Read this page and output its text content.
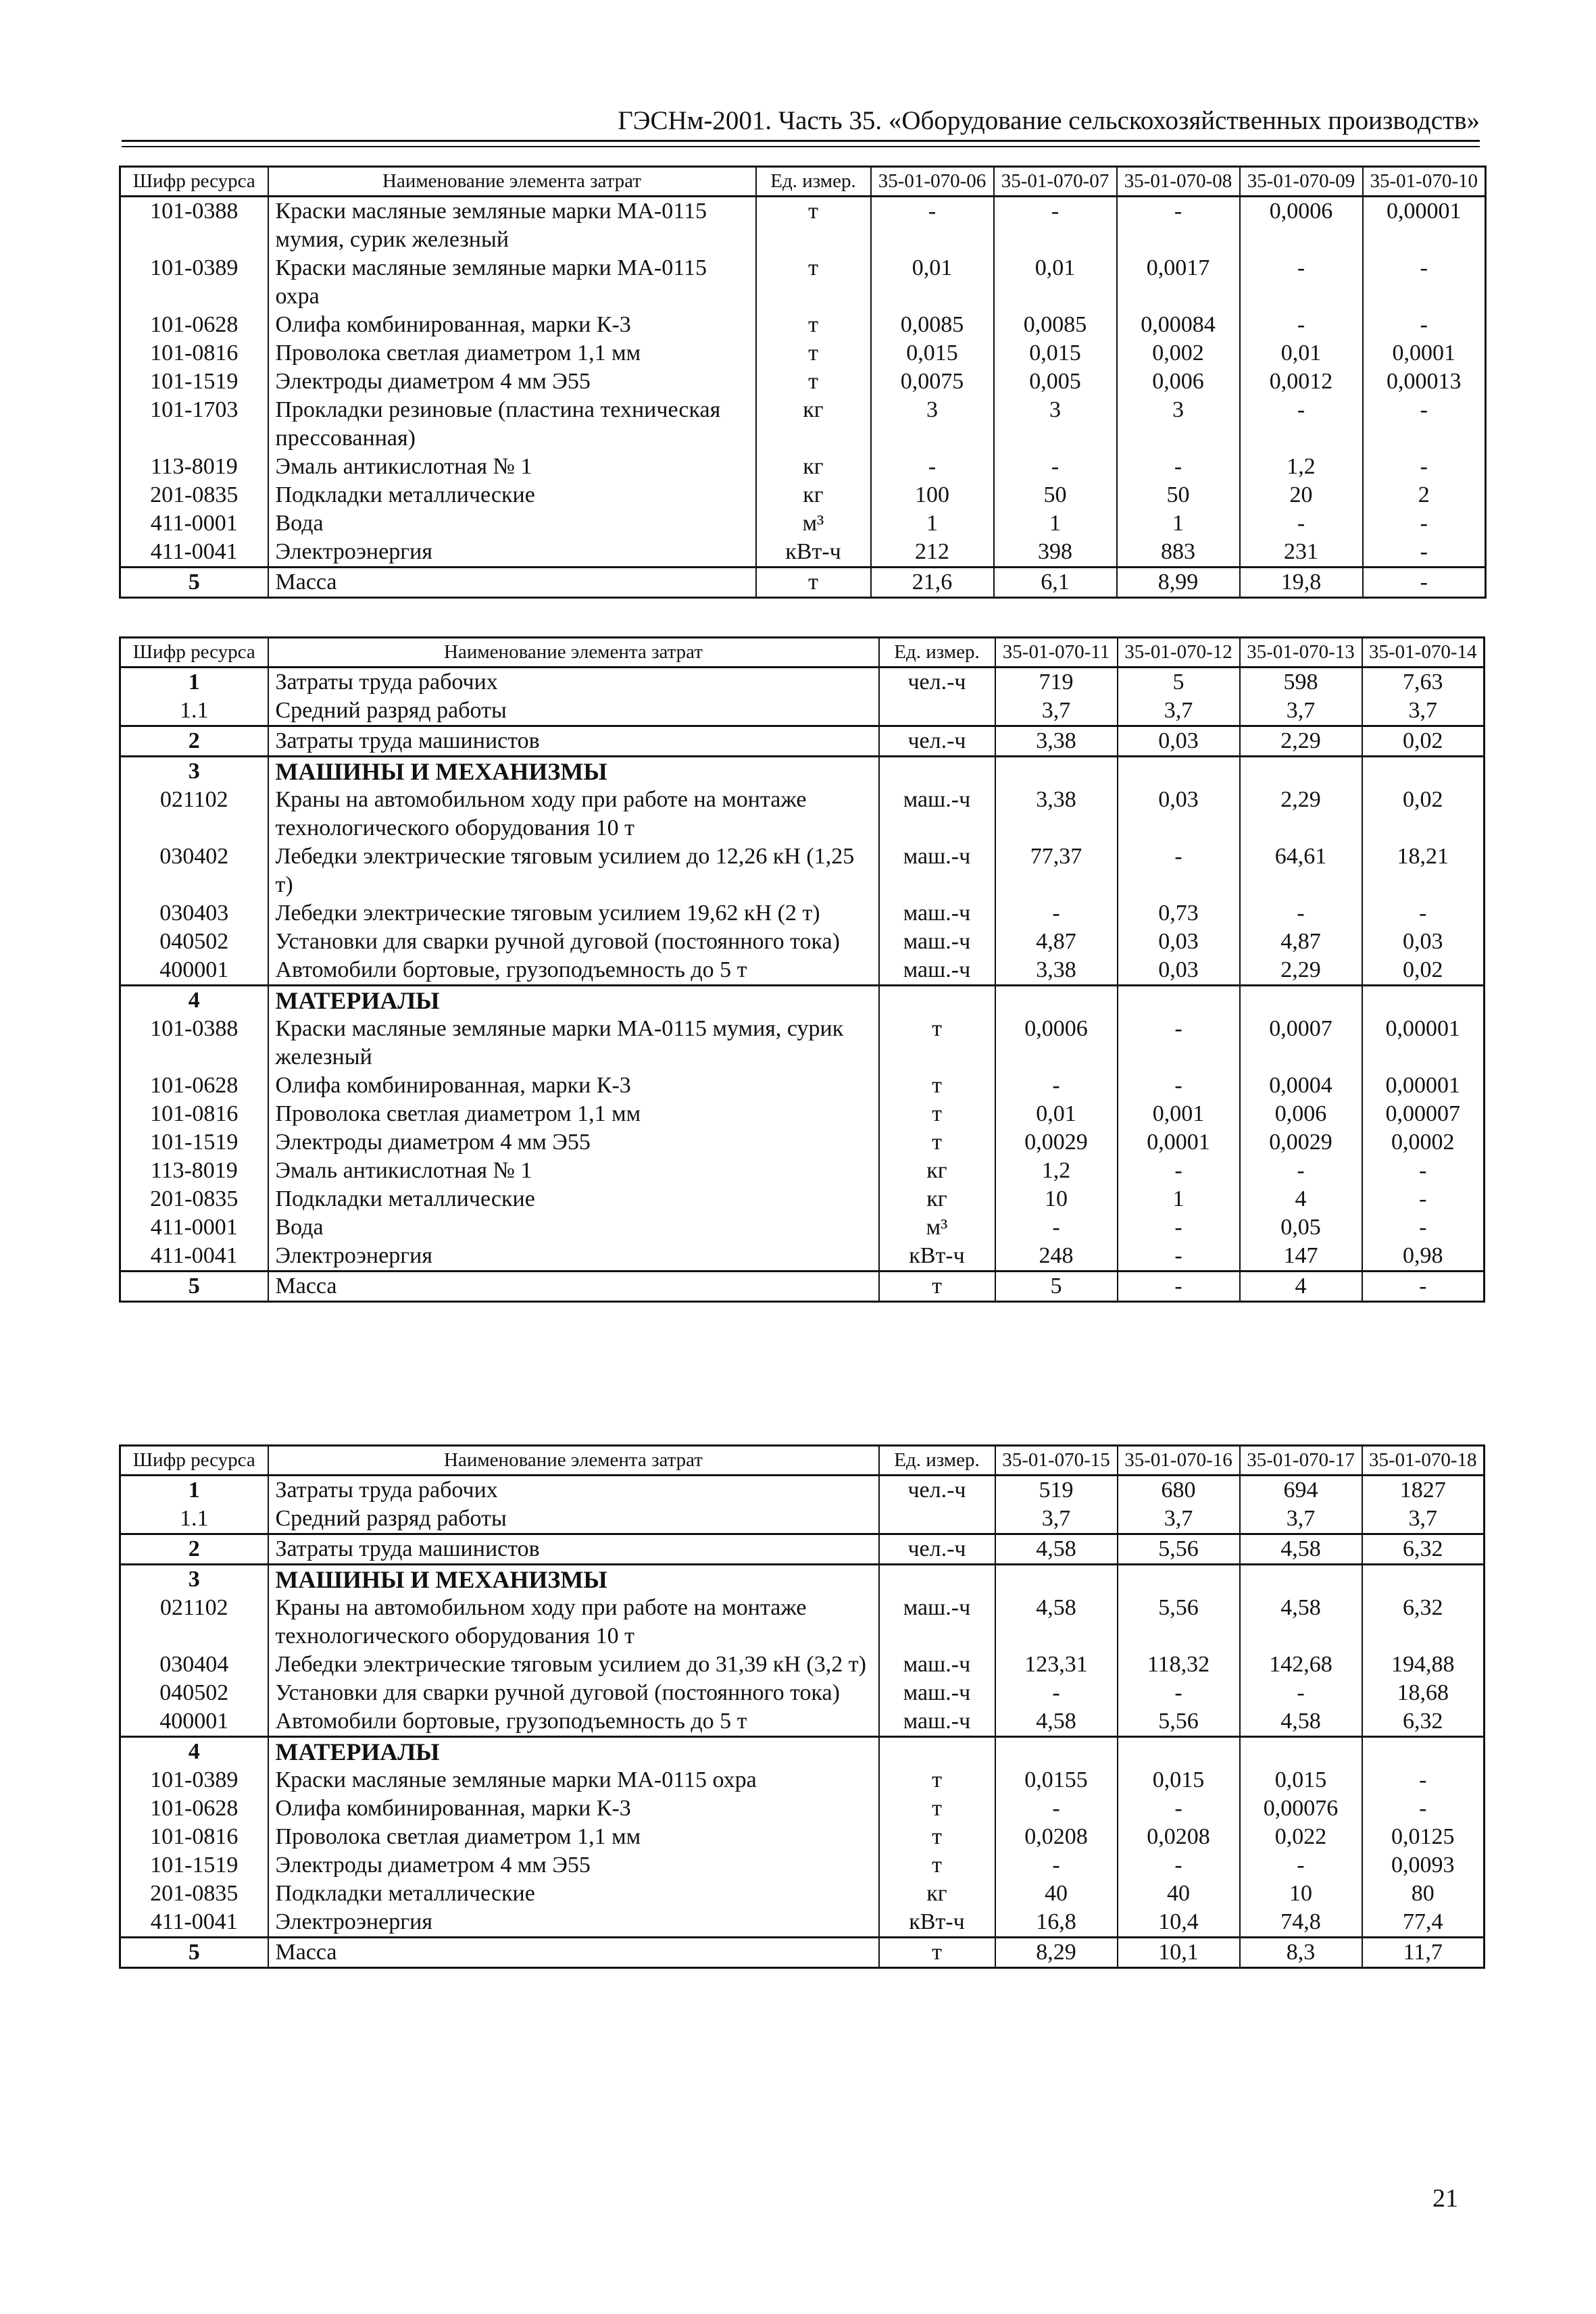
ГЭСНм-2001. Часть 35. «Оборудование сельскохозяйственных производств»
Шифр ресурса	Наименование элемента затрат	Ед. измер.	35-01-070-06	35-01-070-07	35-01-070-08	35-01-070-09	35-01-070-10
101-0388	Краски масляные земляные марки МА-0115 мумия, сурик железный	т	-	-	-	0,0006	0,00001
101-0389	Краски масляные земляные марки МА-0115 охра	т	0,01	0,01	0,0017	-	-
101-0628	Олифа комбинированная, марки К-3	т	0,0085	0,0085	0,00084	-	-
101-0816	Проволока светлая диаметром 1,1 мм	т	0,015	0,015	0,002	0,01	0,0001
101-1519	Электроды диаметром 4 мм Э55	т	0,0075	0,005	0,006	0,0012	0,00013
101-1703	Прокладки резиновые (пластина техническая прессованная)	кг	3	3	3	-	-
113-8019	Эмаль антикислотная № 1	кг	-	-	-	1,2	-
201-0835	Подкладки металлические	кг	100	50	50	20	2
411-0001	Вода	м³	1	1	1	-	-
411-0041	Электроэнергия	кВт-ч	212	398	883	231	-
5	Масса	т	21,6	6,1	8,99	19,8	-
Шифр ресурса	Наименование элемента затрат	Ед. измер.	35-01-070-11	35-01-070-12	35-01-070-13	35-01-070-14
1	Затраты труда рабочих	чел.-ч	719	5	598	7,63
1.1	Средний разряд работы		3,7	3,7	3,7	3,7
2	Затраты труда машинистов	чел.-ч	3,38	0,03	2,29	0,02
3	МАШИНЫ И МЕХАНИЗМЫ					
021102	Краны на автомобильном ходу при работе на монтаже технологического оборудования 10 т	маш.-ч	3,38	0,03	2,29	0,02
030402	Лебедки электрические тяговым усилием до 12,26 кН (1,25 т)	маш.-ч	77,37	-	64,61	18,21
030403	Лебедки электрические тяговым усилием 19,62 кН (2 т)	маш.-ч	-	0,73	-	-
040502	Установки для сварки ручной дуговой (постоянного тока)	маш.-ч	4,87	0,03	4,87	0,03
400001	Автомобили бортовые, грузоподъемность до 5 т	маш.-ч	3,38	0,03	2,29	0,02
4	МАТЕРИАЛЫ					
101-0388	Краски масляные земляные марки МА-0115 мумия, сурик железный	т	0,0006	-	0,0007	0,00001
101-0628	Олифа комбинированная, марки К-3	т	-	-	0,0004	0,00001
101-0816	Проволока светлая диаметром 1,1 мм	т	0,01	0,001	0,006	0,00007
101-1519	Электроды диаметром 4 мм Э55	т	0,0029	0,0001	0,0029	0,0002
113-8019	Эмаль антикислотная № 1	кг	1,2	-	-	-
201-0835	Подкладки металлические	кг	10	1	4	-
411-0001	Вода	м³	-	-	0,05	-
411-0041	Электроэнергия	кВт-ч	248	-	147	0,98
5	Масса	т	5	-	4	-
Шифр ресурса	Наименование элемента затрат	Ед. измер.	35-01-070-15	35-01-070-16	35-01-070-17	35-01-070-18
1	Затраты труда рабочих	чел.-ч	519	680	694	1827
1.1	Средний разряд работы		3,7	3,7	3,7	3,7
2	Затраты труда машинистов	чел.-ч	4,58	5,56	4,58	6,32
3	МАШИНЫ И МЕХАНИЗМЫ					
021102	Краны на автомобильном ходу при работе на монтаже технологического оборудования 10 т	маш.-ч	4,58	5,56	4,58	6,32
030404	Лебедки электрические тяговым усилием до 31,39 кН (3,2 т)	маш.-ч	123,31	118,32	142,68	194,88
040502	Установки для сварки ручной дуговой (постоянного тока)	маш.-ч	-	-	-	18,68
400001	Автомобили бортовые, грузоподъемность до 5 т	маш.-ч	4,58	5,56	4,58	6,32
4	МАТЕРИАЛЫ					
101-0389	Краски масляные земляные марки МА-0115 охра	т	0,0155	0,015	0,015	-
101-0628	Олифа комбинированная, марки К-3	т	-	-	0,00076	-
101-0816	Проволока светлая диаметром 1,1 мм	т	0,0208	0,0208	0,022	0,0125
101-1519	Электроды диаметром 4 мм Э55	т	-	-	-	0,0093
201-0835	Подкладки металлические	кг	40	40	10	80
411-0041	Электроэнергия	кВт-ч	16,8	10,4	74,8	77,4
5	Масса	т	8,29	10,1	8,3	11,7
21
